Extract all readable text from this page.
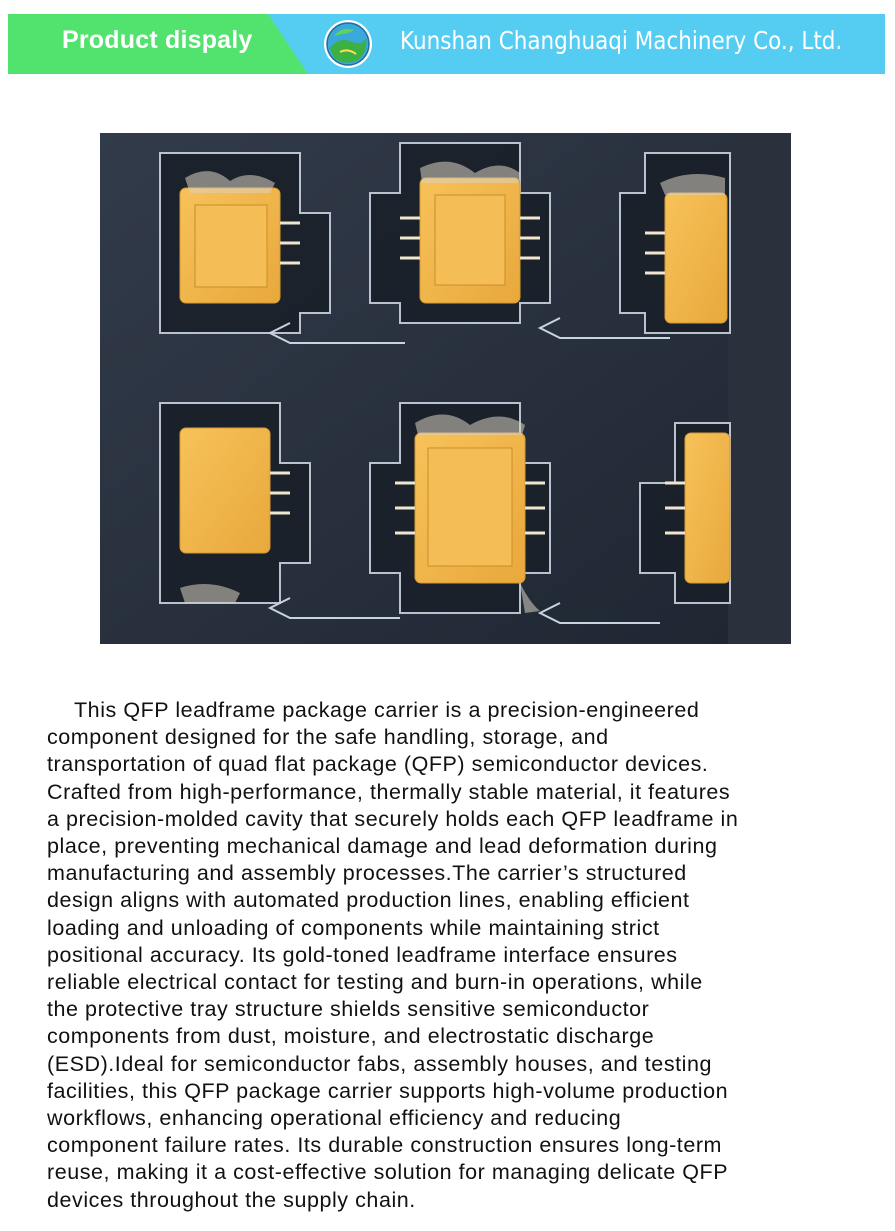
Product dispaly	Kunshan Changhuaqi Machinery Co., Ltd.
This QFP leadframe package carrier is a precision-engineered
component designed for the safe handling, storage, and
transportation of quad flat package (QFP) semiconductor devices.
Crafted from high-performance, thermally stable material, it features
a precision-molded cavity that securely holds each QFP leadframe in
place, preventing mechanical damage and lead deformation during
manufacturing and assembly processes.The carrier’s structured
design aligns with automated production lines, enabling efficient
loading and unloading of components while maintaining strict
positional accuracy. Its gold-toned leadframe interface ensures
reliable electrical contact for testing and burn-in operations, while
the protective tray structure shields sensitive semiconductor
components from dust, moisture, and electrostatic discharge
(ESD).Ideal for semiconductor fabs, assembly houses, and testing
facilities, this QFP package carrier supports high-volume production
workflows, enhancing operational efficiency and reducing
component failure rates. Its durable construction ensures long-term
reuse, making it a cost-effective solution for managing delicate QFP
devices throughout the supply chain.
